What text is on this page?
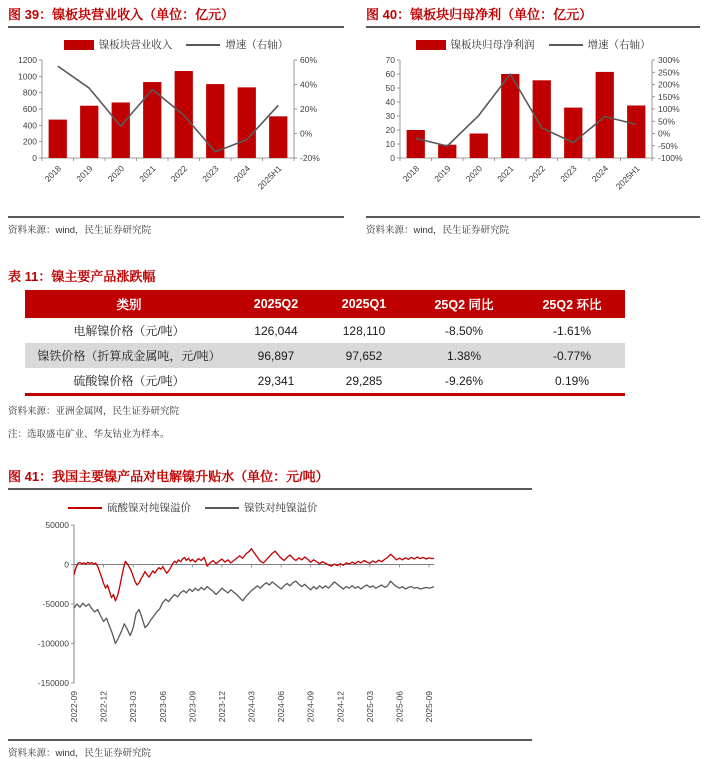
图 39：镍板块营业收入（单位：亿元）
镍板块营业收入	增速（右轴）
0
200
400
600
800
1000
1200
-20%
0%
20%
40%
60%
2018 2019 2020 2021 2022 2023 2024 2025H1
资料来源：wind，民生证券研究院
图 40：镍板块归母净利（单位：亿元）
镍板块归母净利润	增速（右轴）
0
10
20
30
40
50
60
70
-100%
-50%
0%
50%
100%
150%
200%
250%
300%
2018 2019 2020 2021 2022 2023 2024 2025H1
资料来源：wind，民生证券研究院
表 11：镍主要产品涨跌幅
类别	2025Q2	2025Q1	25Q2 同比	25Q2 环比
电解镍价格（元/吨）	126,044	128,110	-8.50%	-1.61%
镍铁价格（折算成金属吨，元/吨）	96,897	97,652	1.38%	-0.77%
硫酸镍价格（元/吨）	29,341	29,285	-9.26%	0.19%
资料来源：亚洲金属网，民生证券研究院
注：选取盛屯矿业、华友钴业为样本。
图 41：我国主要镍产品对电解镍升贴水（单位：元/吨）
硫酸镍对纯镍溢价	镍铁对纯镍溢价
-150000
-100000
-50000
0
50000
2022-09 2022-12 2023-03 2023-06 2023-09 2023-12 2024-03 2024-06 2024-09 2024-12 2025-03 2025-06 2025-09
资料来源：wind，民生证券研究院
